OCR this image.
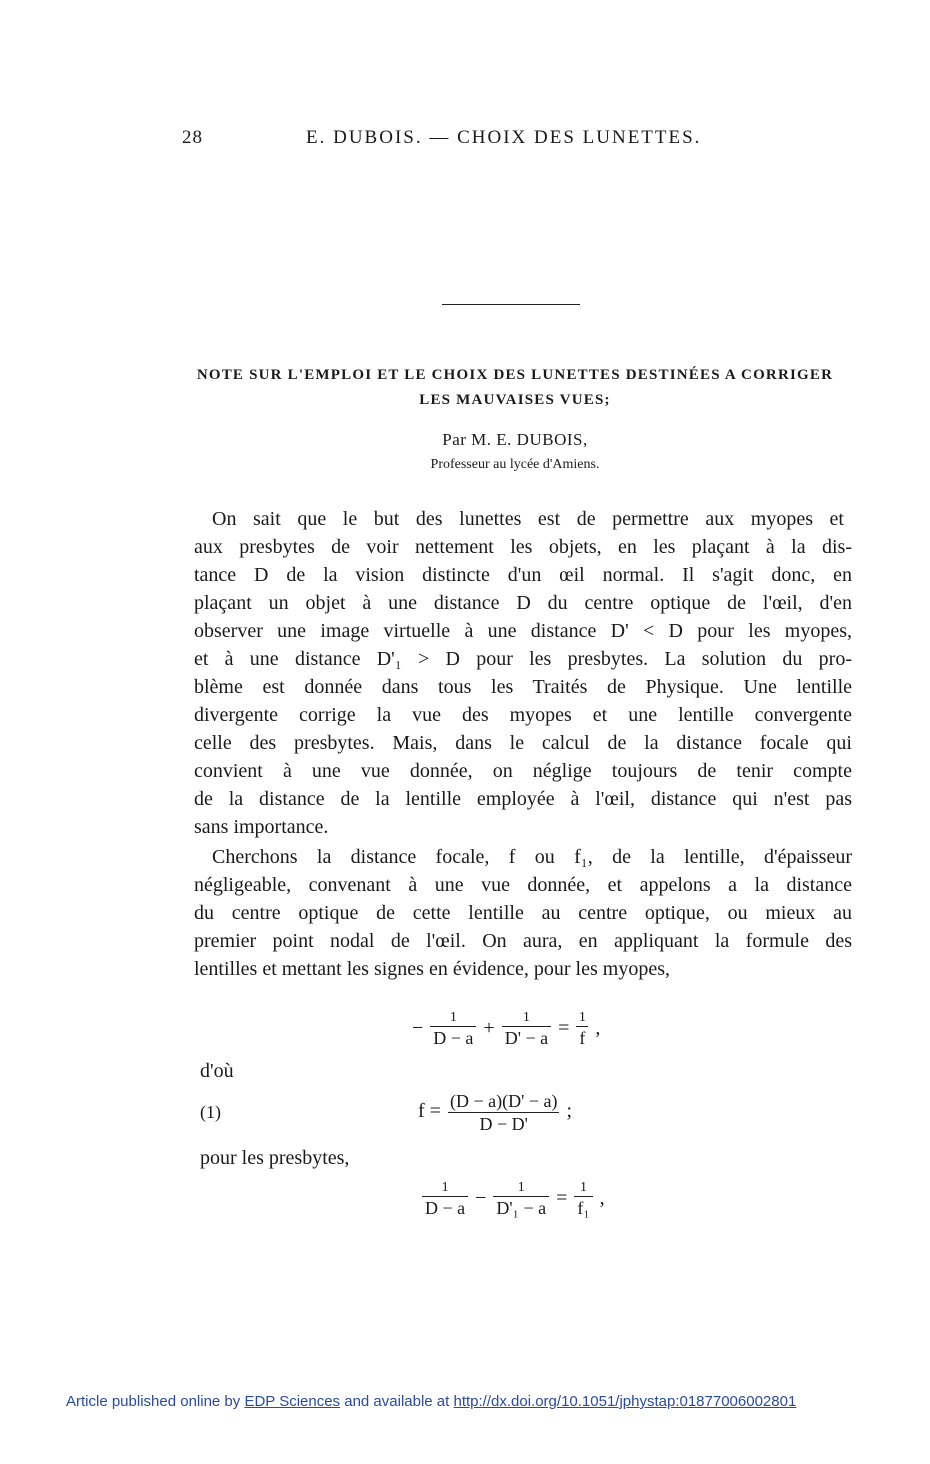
28	E. DUBOIS. — CHOIX DES LUNETTES.
NOTE SUR L'EMPLOI ET LE CHOIX DES LUNETTES DESTINÉES A CORRIGER
LES MAUVAISES VUES;
Par M. E. DUBOIS,
Professeur au lycée d'Amiens.
On sait que le but des lunettes est de permettre aux myopes et
aux presbytes de voir nettement les objets, en les plaçant à la dis-
tance D de la vision distincte d'un œil normal. Il s'agit donc, en
plaçant un objet à une distance D du centre optique de l'œil, d'en
observer une image virtuelle à une distance D' < D pour les myopes,
et à une distance D'₁ > D pour les presbytes. La solution du pro-
blème est donnée dans tous les Traités de Physique. Une lentille
divergente corrige la vue des myopes et une lentille convergente
celle des presbytes. Mais, dans le calcul de la distance focale qui
convient à une vue donnée, on néglige toujours de tenir compte
de la distance de la lentille employée à l'œil, distance qui n'est pas
sans importance.
Cherchons la distance focale, f ou f₁, de la lentille, d'épaisseur
négligeable, convenant à une vue donnée, et appelons a la distance
du centre optique de cette lentille au centre optique, ou mieux au
premier point nodal de l'œil. On aura, en appliquant la formule des
lentilles et mettant les signes en évidence, pour les myopes,
− $\frac{1}{D - a} + \frac{1}{D' - a} = \frac{1}{f}$ ,
d'où
(1)	$f = \frac{(D - a)(D' - a)}{D - D'}$ ;
pour les presbytes,
$\frac{1}{D - a} - \frac{1}{\text{D'₁ − a}} = \frac{1}{\text{f₁}}$ ,
Article published online by EDP Sciences and available at http://dx.doi.org/10.1051/jphystap:01877006002801
